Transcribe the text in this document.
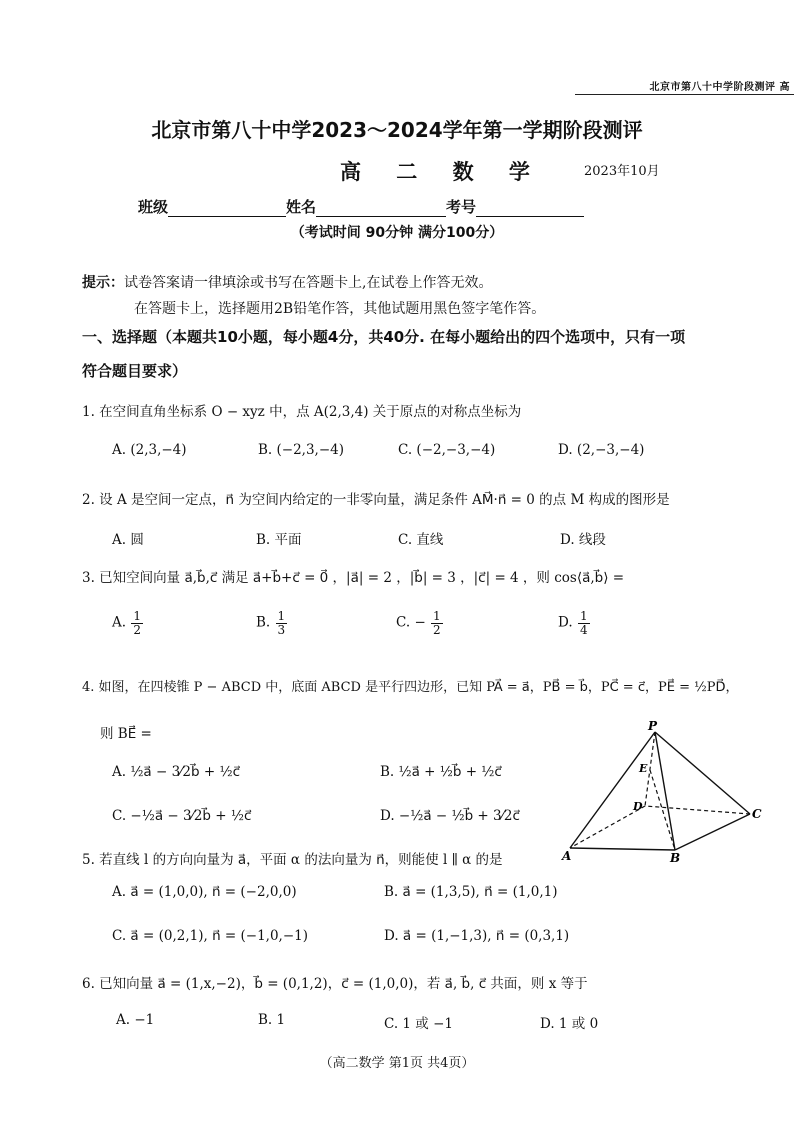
北京市第八十中学阶段测评 高
北京市第八十中学2023～2024学年第一学期阶段测评
高 二 数 学	2023年10月
班级	姓名	考号
（考试时间 90分钟 满分100分）
提示：试卷答案请一律填涂或书写在答题卡上,在试卷上作答无效。
在答题卡上，选择题用2B铅笔作答，其他试题用黑色签字笔作答。
一、选择题（本题共10小题，每小题4分，共40分. 在每小题给出的四个选项中，只有一项
符合题目要求）
1. 在空间直角坐标系 O − xyz 中，点 A(2,3,4) 关于原点的对称点坐标为
A. (2,3,−4)	B. (−2,3,−4)	C. (−2,−3,−4)	D. (2,−3,−4)
2. 设 A 是空间一定点，n⃗ 为空间内给定的一非零向量，满足条件 AM⃗·n⃗ = 0 的点 M 构成的图形是
A. 圆	B. 平面	C. 直线	D. 线段
3. 已知空间向量 a⃗,b⃗,c⃗ 满足 a⃗+b⃗+c⃗ = 0⃗ ，|a⃗| = 2 ，|b⃗| = 3 ，|c⃗| = 4 ，则 cos⟨a⃗,b⃗⟩ =
A. $\frac{1}{2}$	B. $\frac{1}{3}$	C. − $\frac{1}{2}$	D. $\frac{1}{4}$
4. 如图，在四棱锥 P − ABCD 中，底面 ABCD 是平行四边形，已知 PA⃗ = a⃗，PB⃗ = b⃗，PC⃗ = c⃗，PE⃗ = ½PD⃗，
则 BE⃗ =
A. ½a⃗ − 3⁄2b⃗ + ½c⃗	B. ½a⃗ + ½b⃗ + ½c⃗
C. −½a⃗ − 3⁄2b⃗ + ½c⃗	D. −½a⃗ − ½b⃗ + 3⁄2c⃗
P
E
D
A	B
C
5. 若直线 l 的方向向量为 a⃗，平面 α 的法向量为 n⃗，则能使 l ∥ α 的是
A. a⃗ = (1,0,0), n⃗ = (−2,0,0)	B. a⃗ = (1,3,5), n⃗ = (1,0,1)
C. a⃗ = (0,2,1), n⃗ = (−1,0,−1)	D. a⃗ = (1,−1,3), n⃗ = (0,3,1)
6. 已知向量 a⃗ = (1,x,−2)，b⃗ = (0,1,2)，c⃗ = (1,0,0)，若 a⃗, b⃗, c⃗ 共面，则 x 等于
A. −1	B. 1	C. 1 或 −1	D. 1 或 0
（高二数学 第1页 共4页）
